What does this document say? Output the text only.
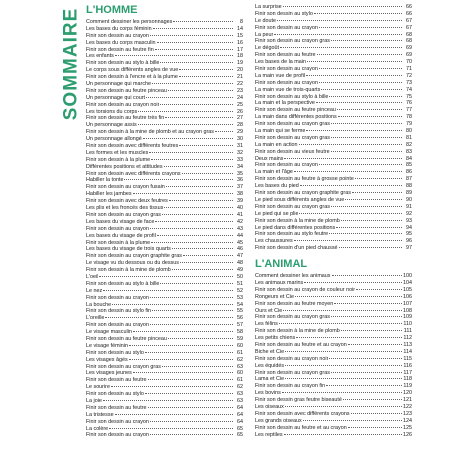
SOMMAIRE L'HOMME
Comment dessiner les personnages	8
Les bases du corps féminin	14
Finir son dessin au crayon	15
Les bases du corps masculin	16
Finir son dessin au feutre fin	17
Les enfants	18
Finir son dessin au stylo à bille	19
Le corps sous différents angles de vue	20
Finir son dessin à l'encre et à la plume	21
Un personnage qui marche	22
Finir son dessin au feutre pinceau	23
Un personnage qui court	24
Finir son dessin au crayon noir	25
Les torsions du corps	26
Finir son dessin au feutre très fin	27
Un personnage assis	28
Finir son dessin à la mine de plomb et au crayon gras	29
Un personnage allongé	30
Finir son dessin avec différents feutres	31
Les formes et les muscles	32
Finir son dessin à la plume	33
Différentes positions et attitudes	34
Finir son dessin avec différents crayons	35
Habiller la tonte	36
Finir son dessin au crayon fusain	37
Habiller les jambes	38
Finir son dessin avec deux feutres	39
Les plis et les froncés des tissus	40
Finir son dessin au crayon gras	41
Les bases du visage de face	42
Finir son dessin au crayon	43
Les bases du visage de profil	44
Finir son dessin à la plume	45
Les bases du visage de trois quarts	46
Finir son dessin au crayon graphite gras	47
Le visage vu du dessous ou du dessus	48
Finir son dessin à la mine de plomb	49
L'oeil	50
Finir son dessin au stylo à bille	51
Le nez	52
Finir son dessin au crayon	53
La bouche	54
Finir son dessin au stylo fin	55
L'oreille	56
Finir son dessin au crayon	57
Le visage masculin	58
Finir son dessin au feutre pinceau	59
Le visage féminin	60
Finir son dessin au stylo	61
Les visages âgés	62
Finir son dessin au crayon gras	63
Les visages jeunes	60
Finir son dessin au feutre	61
Le sourire	62
Finir son dessin au stylo	63
La joie	63
Finir son dessin au feutre	64
La tristesse	64
Finir son dessin au crayon	64
La colère	65
Finir son dessin au crayon	65
La surprise	66
Finir son dessin au stylo	66
Le doute	67
Finir son dessin au crayon	67
La peur	68
Finir son dessin au crayon gras	68
Le dégoût	69
Finir son dessin au feutre	69
Les bases de la main	70
Finir son dessin au crayon	71
La main vue de profil	72
Finir son dessin au crayon	73
La main vue de trois-quarts	74
Finir son dessin au stylo à bille	75
La main et la perspective	76
Finir son dessin au feutre pinceau	77
La main dans différentes positions	78
Finir son dessin au crayon gras	79
La main qui se ferme	80
Finir son dessin au crayon gras	81
La main en action	82
Finir son dessin au vieux feutre	83
Deux mains	84
Finir son dessin au crayon	85
La main et l'âge	86
Finir son dessin au feutre à grosse pointe	87
Les bases du pied	88
Finir son dessin au crayon graphite gras	89
Le pied sous différents angles de vue	90
Finir son dessin au crayon gras	91
Le pied qui se plie	92
Finir son dessin à la mine de plomb	93
Le pied dans différentes positions	94
Finir son dessin au stylo feutre	95
Les chaussures	96
Finir son dessin d'un pied chaussé	97
L'ANIMAL
Comment dessiner les animaux	100
Les animaux marins	104
Finir son dessin au crayon de couleur noir	105
Rongeurs et Cie	106
Finir son dessin au feutre moyen	107
Ours et Cie	108
Finir son dessin au crayon gras	109
Les félins	110
Finir son dessin à la mine de plomb	111
Les petits chiens	112
Finir son dessin au feutre et au crayon	113
Biche et Cie	114
Finir son dessin au crayon noir	115
Les équidés	116
Finir son dessin au crayon gras	117
Lama et Cie	118
Finir son dessin au crayon fin	119
Les bovins	120
Finir son dessin gras feutre biseauté	121
Les oiseaux	122
Finir son dessin avec différents crayons	123
Les grands oiseaux	124
Finir son dessin au feutre et au crayon	125
Les reptiles	126
